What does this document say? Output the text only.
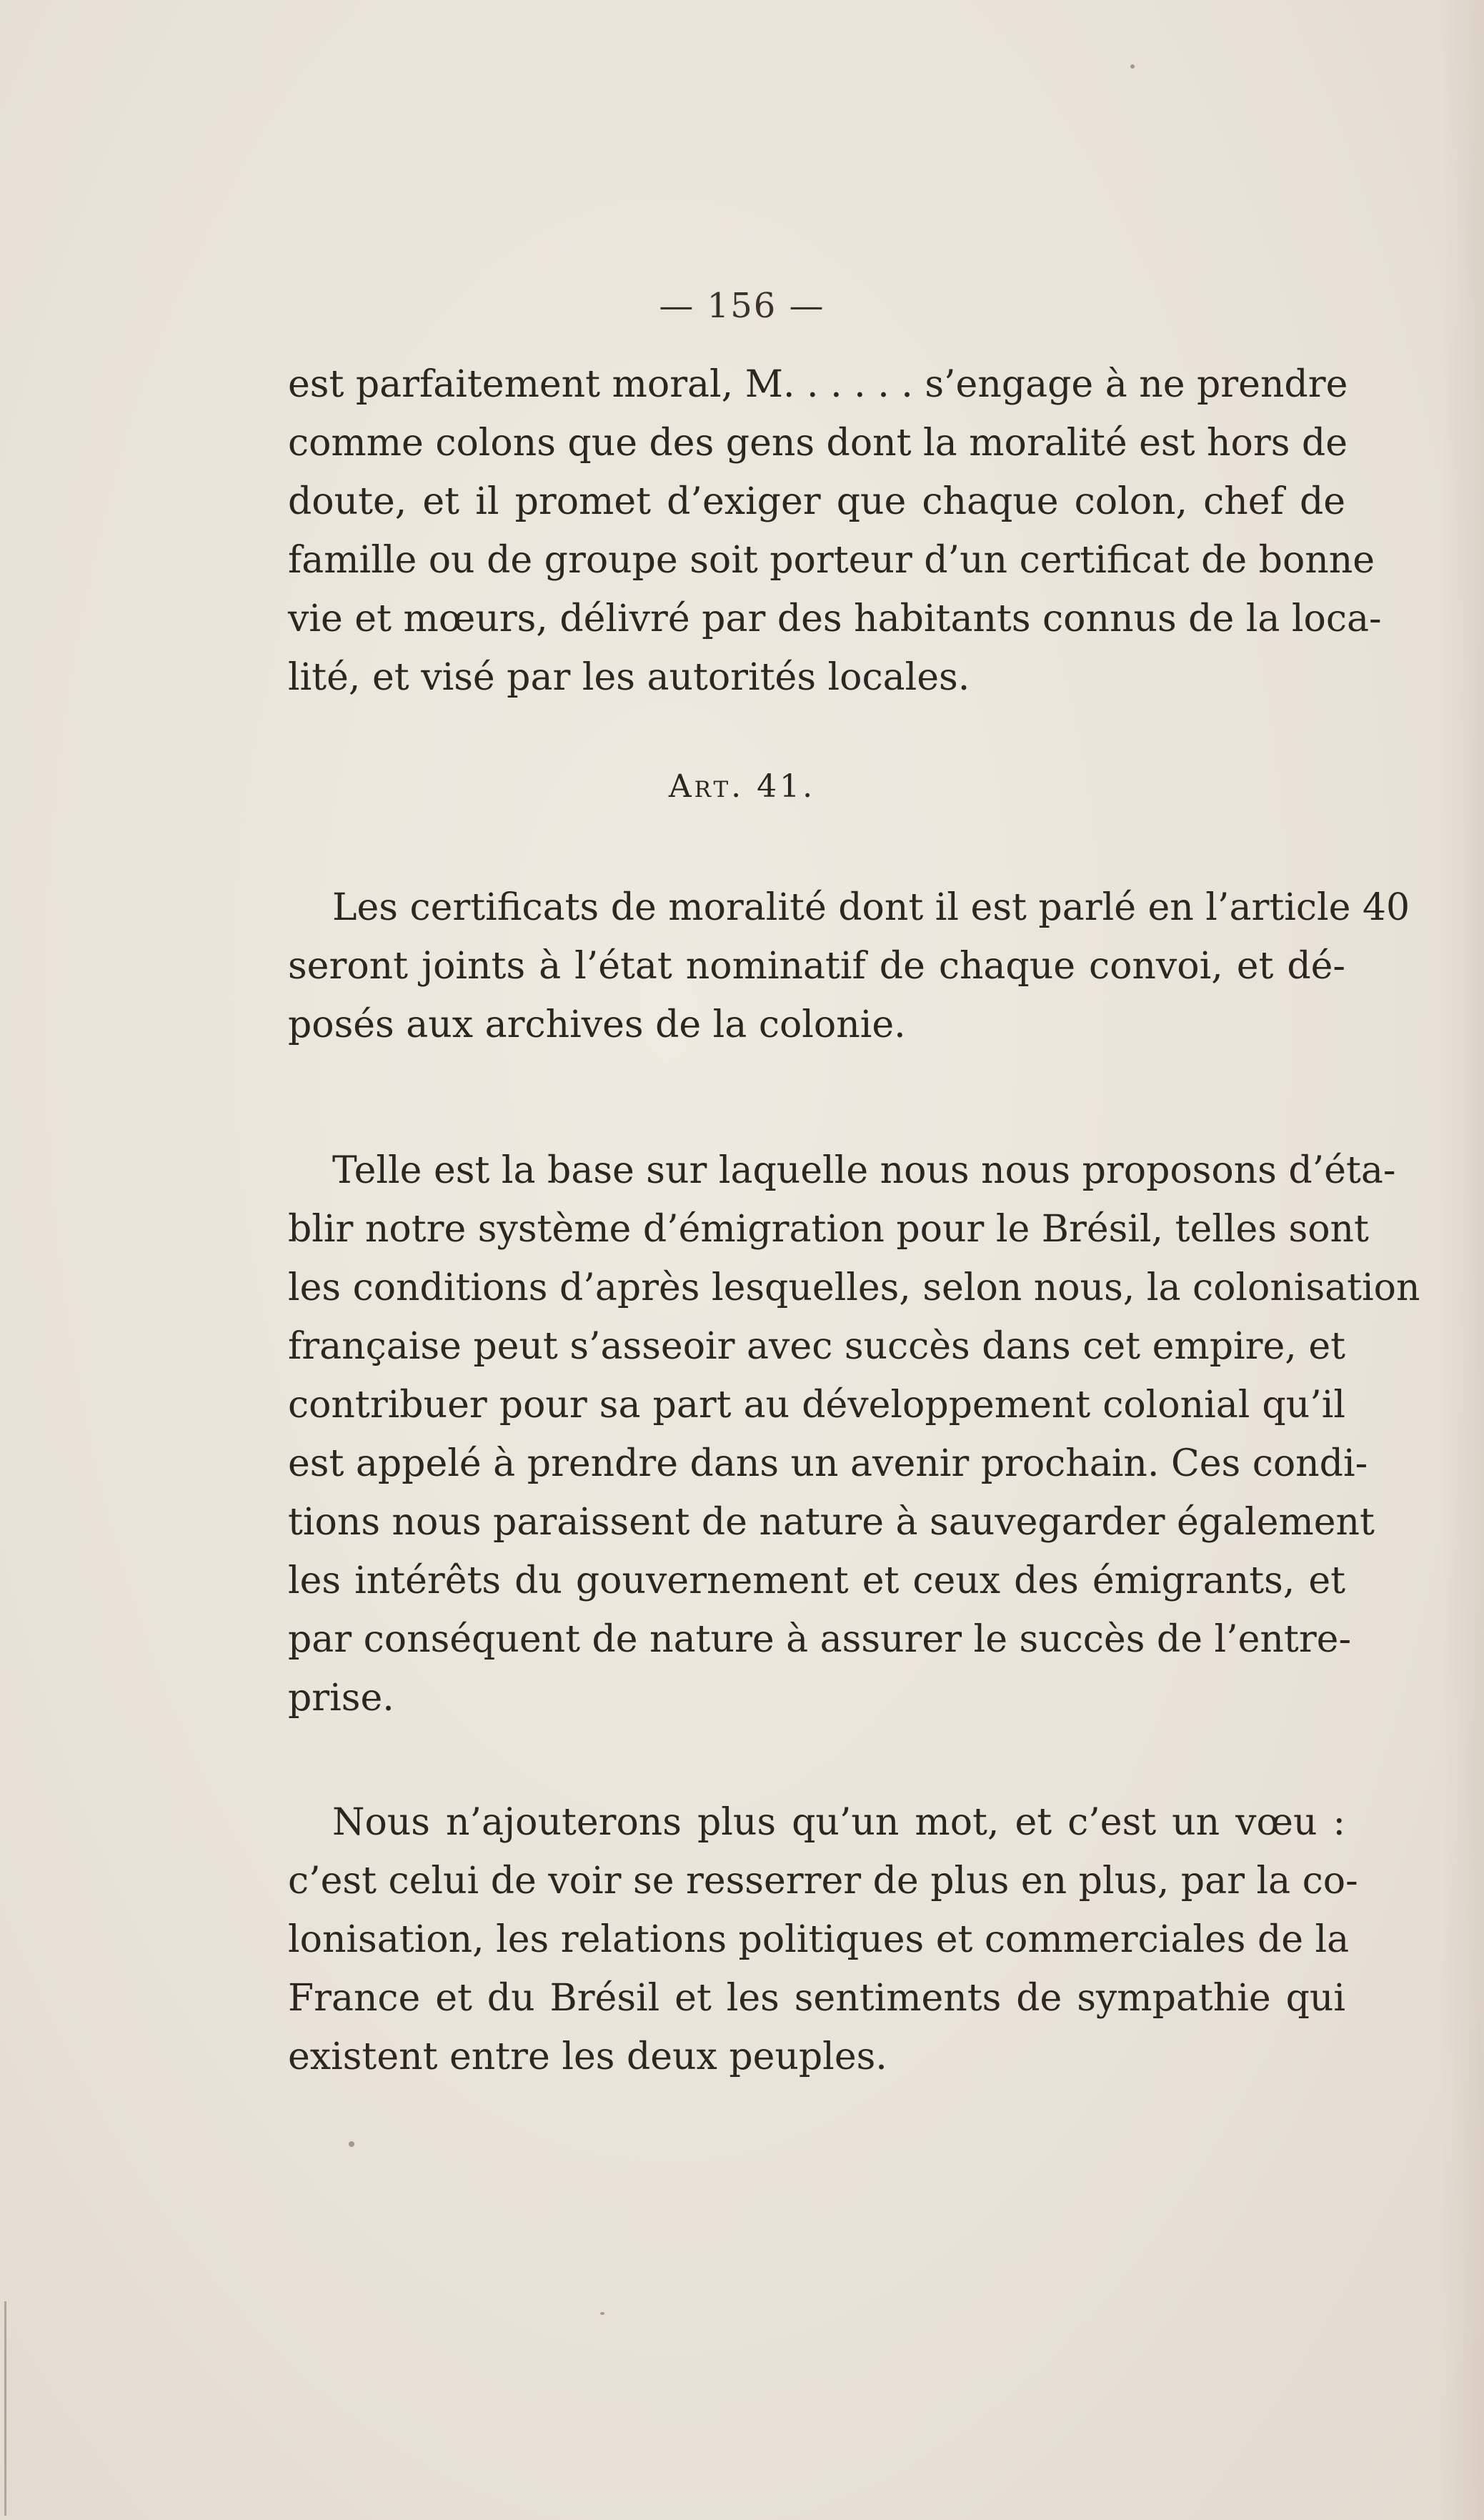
— 156 —
est parfaitement moral, M. . . . . . s’engage à ne prendre
comme colons que des gens dont la moralité est hors de
doute, et il promet d’exiger que chaque colon, chef de
famille ou de groupe soit porteur d’un certificat de bonne
vie et mœurs, délivré par des habitants connus de la loca-
lité, et visé par les autorités locales.
Art. 41.
Les certificats de moralité dont il est parlé en l’article 40
seront joints à l’état nominatif de chaque convoi, et dé-
posés aux archives de la colonie.
Telle est la base sur laquelle nous nous proposons d’éta-
blir notre système d’émigration pour le Brésil, telles sont
les conditions d’après lesquelles, selon nous, la colonisation
française peut s’asseoir avec succès dans cet empire, et
contribuer pour sa part au développement colonial qu’il
est appelé à prendre dans un avenir prochain. Ces condi-
tions nous paraissent de nature à sauvegarder également
les intérêts du gouvernement et ceux des émigrants, et
par conséquent de nature à assurer le succès de l’entre-
prise.
Nous n’ajouterons plus qu’un mot, et c’est un vœu :
c’est celui de voir se resserrer de plus en plus, par la co-
lonisation, les relations politiques et commerciales de la
France et du Brésil et les sentiments de sympathie qui
existent entre les deux peuples.
